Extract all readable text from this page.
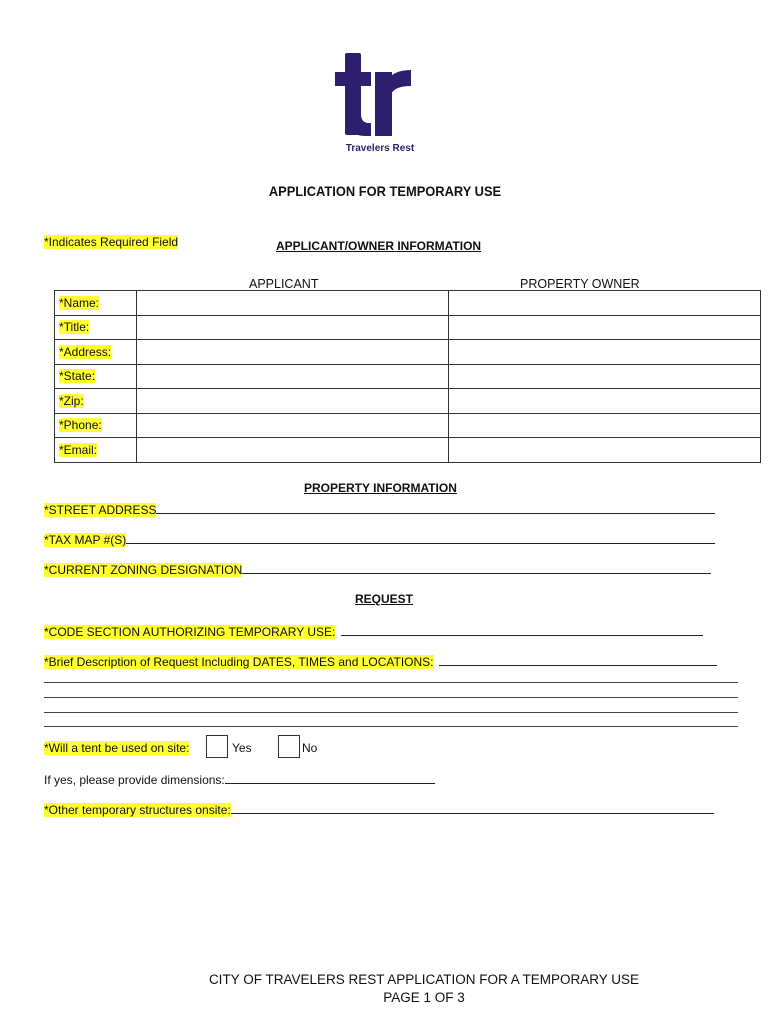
Travelers Rest
APPLICATION FOR TEMPORARY USE
*Indicates Required Field	APPLICANT/OWNER INFORMATION
APPLICANT	PROPERTY OWNER
*Name:		
*Title:		
*Address:		
*State:		
*Zip:		
*Phone:		
*Email:		
PROPERTY INFORMATION
*STREET ADDRESS
*TAX MAP #(S)
*CURRENT ZONING DESIGNATION
REQUEST
*CODE SECTION AUTHORIZING TEMPORARY USE:
*Brief Description of Request Including DATES, TIMES and LOCATIONS:
*Will a tent be used on site:	Yes	No
If yes, please provide dimensions:
*Other temporary structures onsite:
CITY OF TRAVELERS REST APPLICATION FOR A TEMPORARY USE
PAGE 1 OF 3
